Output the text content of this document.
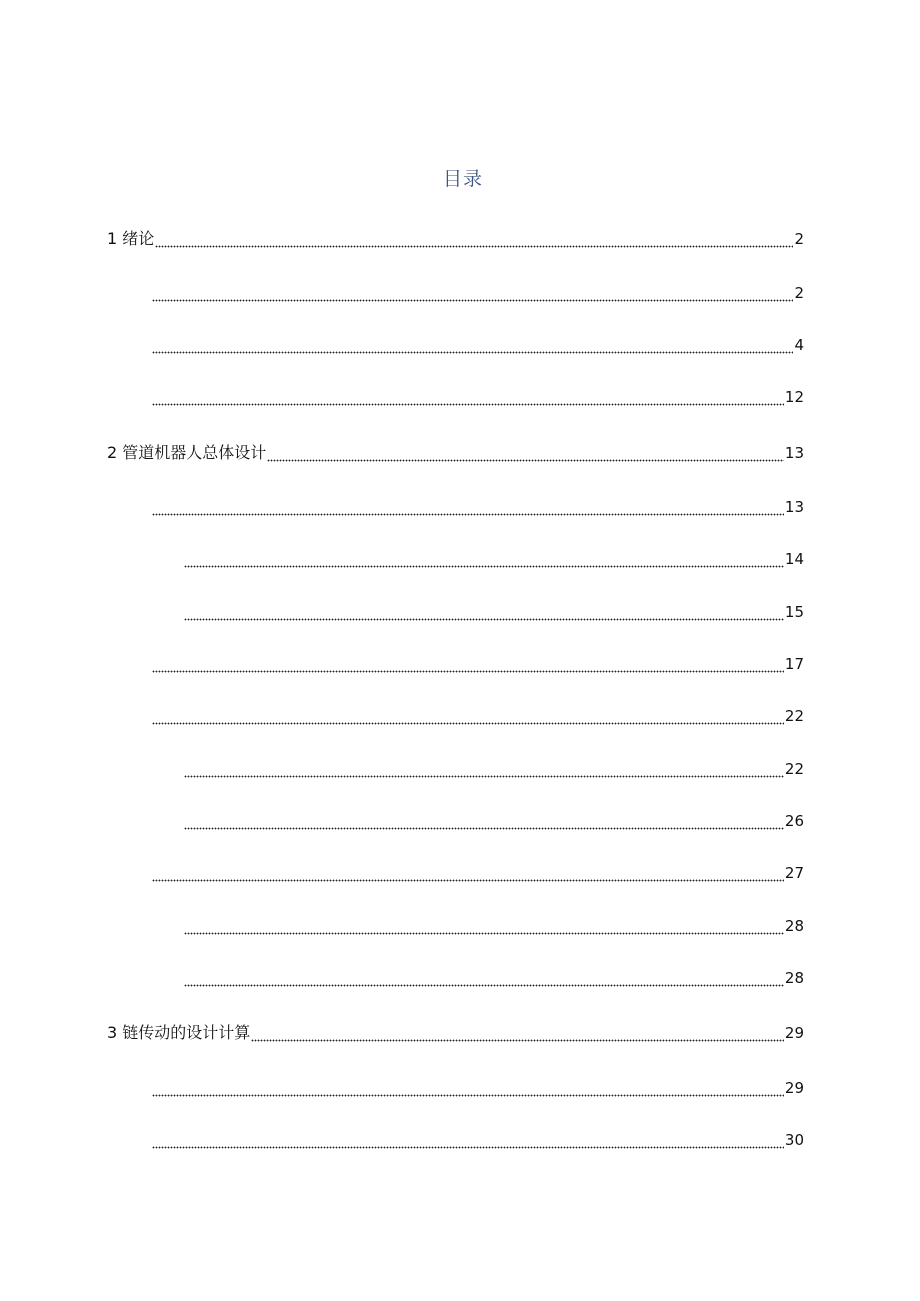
目录
1 绪论	2
2
4
12
2 管道机器人总体设计	13
13
14
15
17
22
22
26
27
28
28
3 链传动的设计计算	29
29
30
